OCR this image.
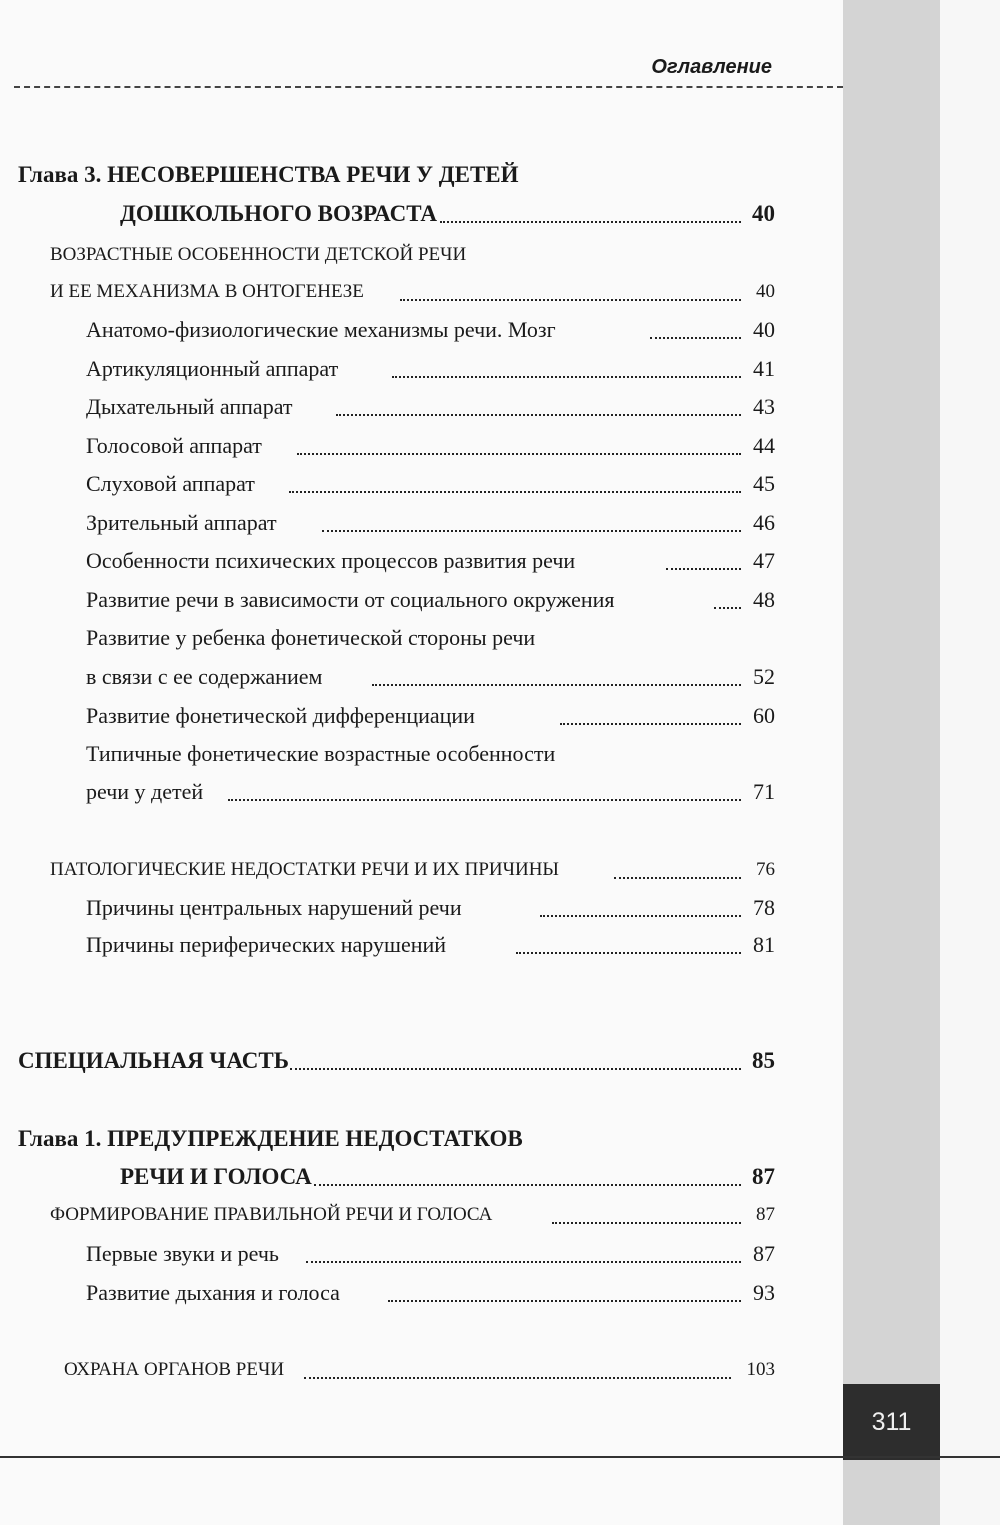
Оглавление
Глава 3. НЕСОВЕРШЕНСТВА РЕЧИ У ДЕТЕЙ
ДОШКОЛЬНОГО ВОЗРАСТА	40
ВОЗРАСТНЫЕ ОСОБЕННОСТИ ДЕТСКОЙ РЕЧИ
И ЕЕ МЕХАНИЗМА В ОНТОГЕНЕЗЕ	40
Анатомо-физиологические механизмы речи. Мозг	40
Артикуляционный аппарат	41
Дыхательный аппарат	43
Голосовой аппарат	44
Слуховой аппарат	45
Зрительный аппарат	46
Особенности психических процессов развития речи	47
Развитие речи в зависимости от социального окружения	48
Развитие у ребенка фонетической стороны речи
в связи с ее содержанием	52
Развитие фонетической дифференциации	60
Типичные фонетические возрастные особенности
речи у детей	71
ПАТОЛОГИЧЕСКИЕ НЕДОСТАТКИ РЕЧИ И ИХ ПРИЧИНЫ	76
Причины центральных нарушений речи	78
Причины периферических нарушений	81
СПЕЦИАЛЬНАЯ ЧАСТЬ	85
Глава 1. ПРЕДУПРЕЖДЕНИЕ НЕДОСТАТКОВ
РЕЧИ И ГОЛОСА	87
ФОРМИРОВАНИЕ ПРАВИЛЬНОЙ РЕЧИ И ГОЛОСА	87
Первые звуки и речь	87
Развитие дыхания и голоса	93
ОХРАНА ОРГАНОВ РЕЧИ	103
311
